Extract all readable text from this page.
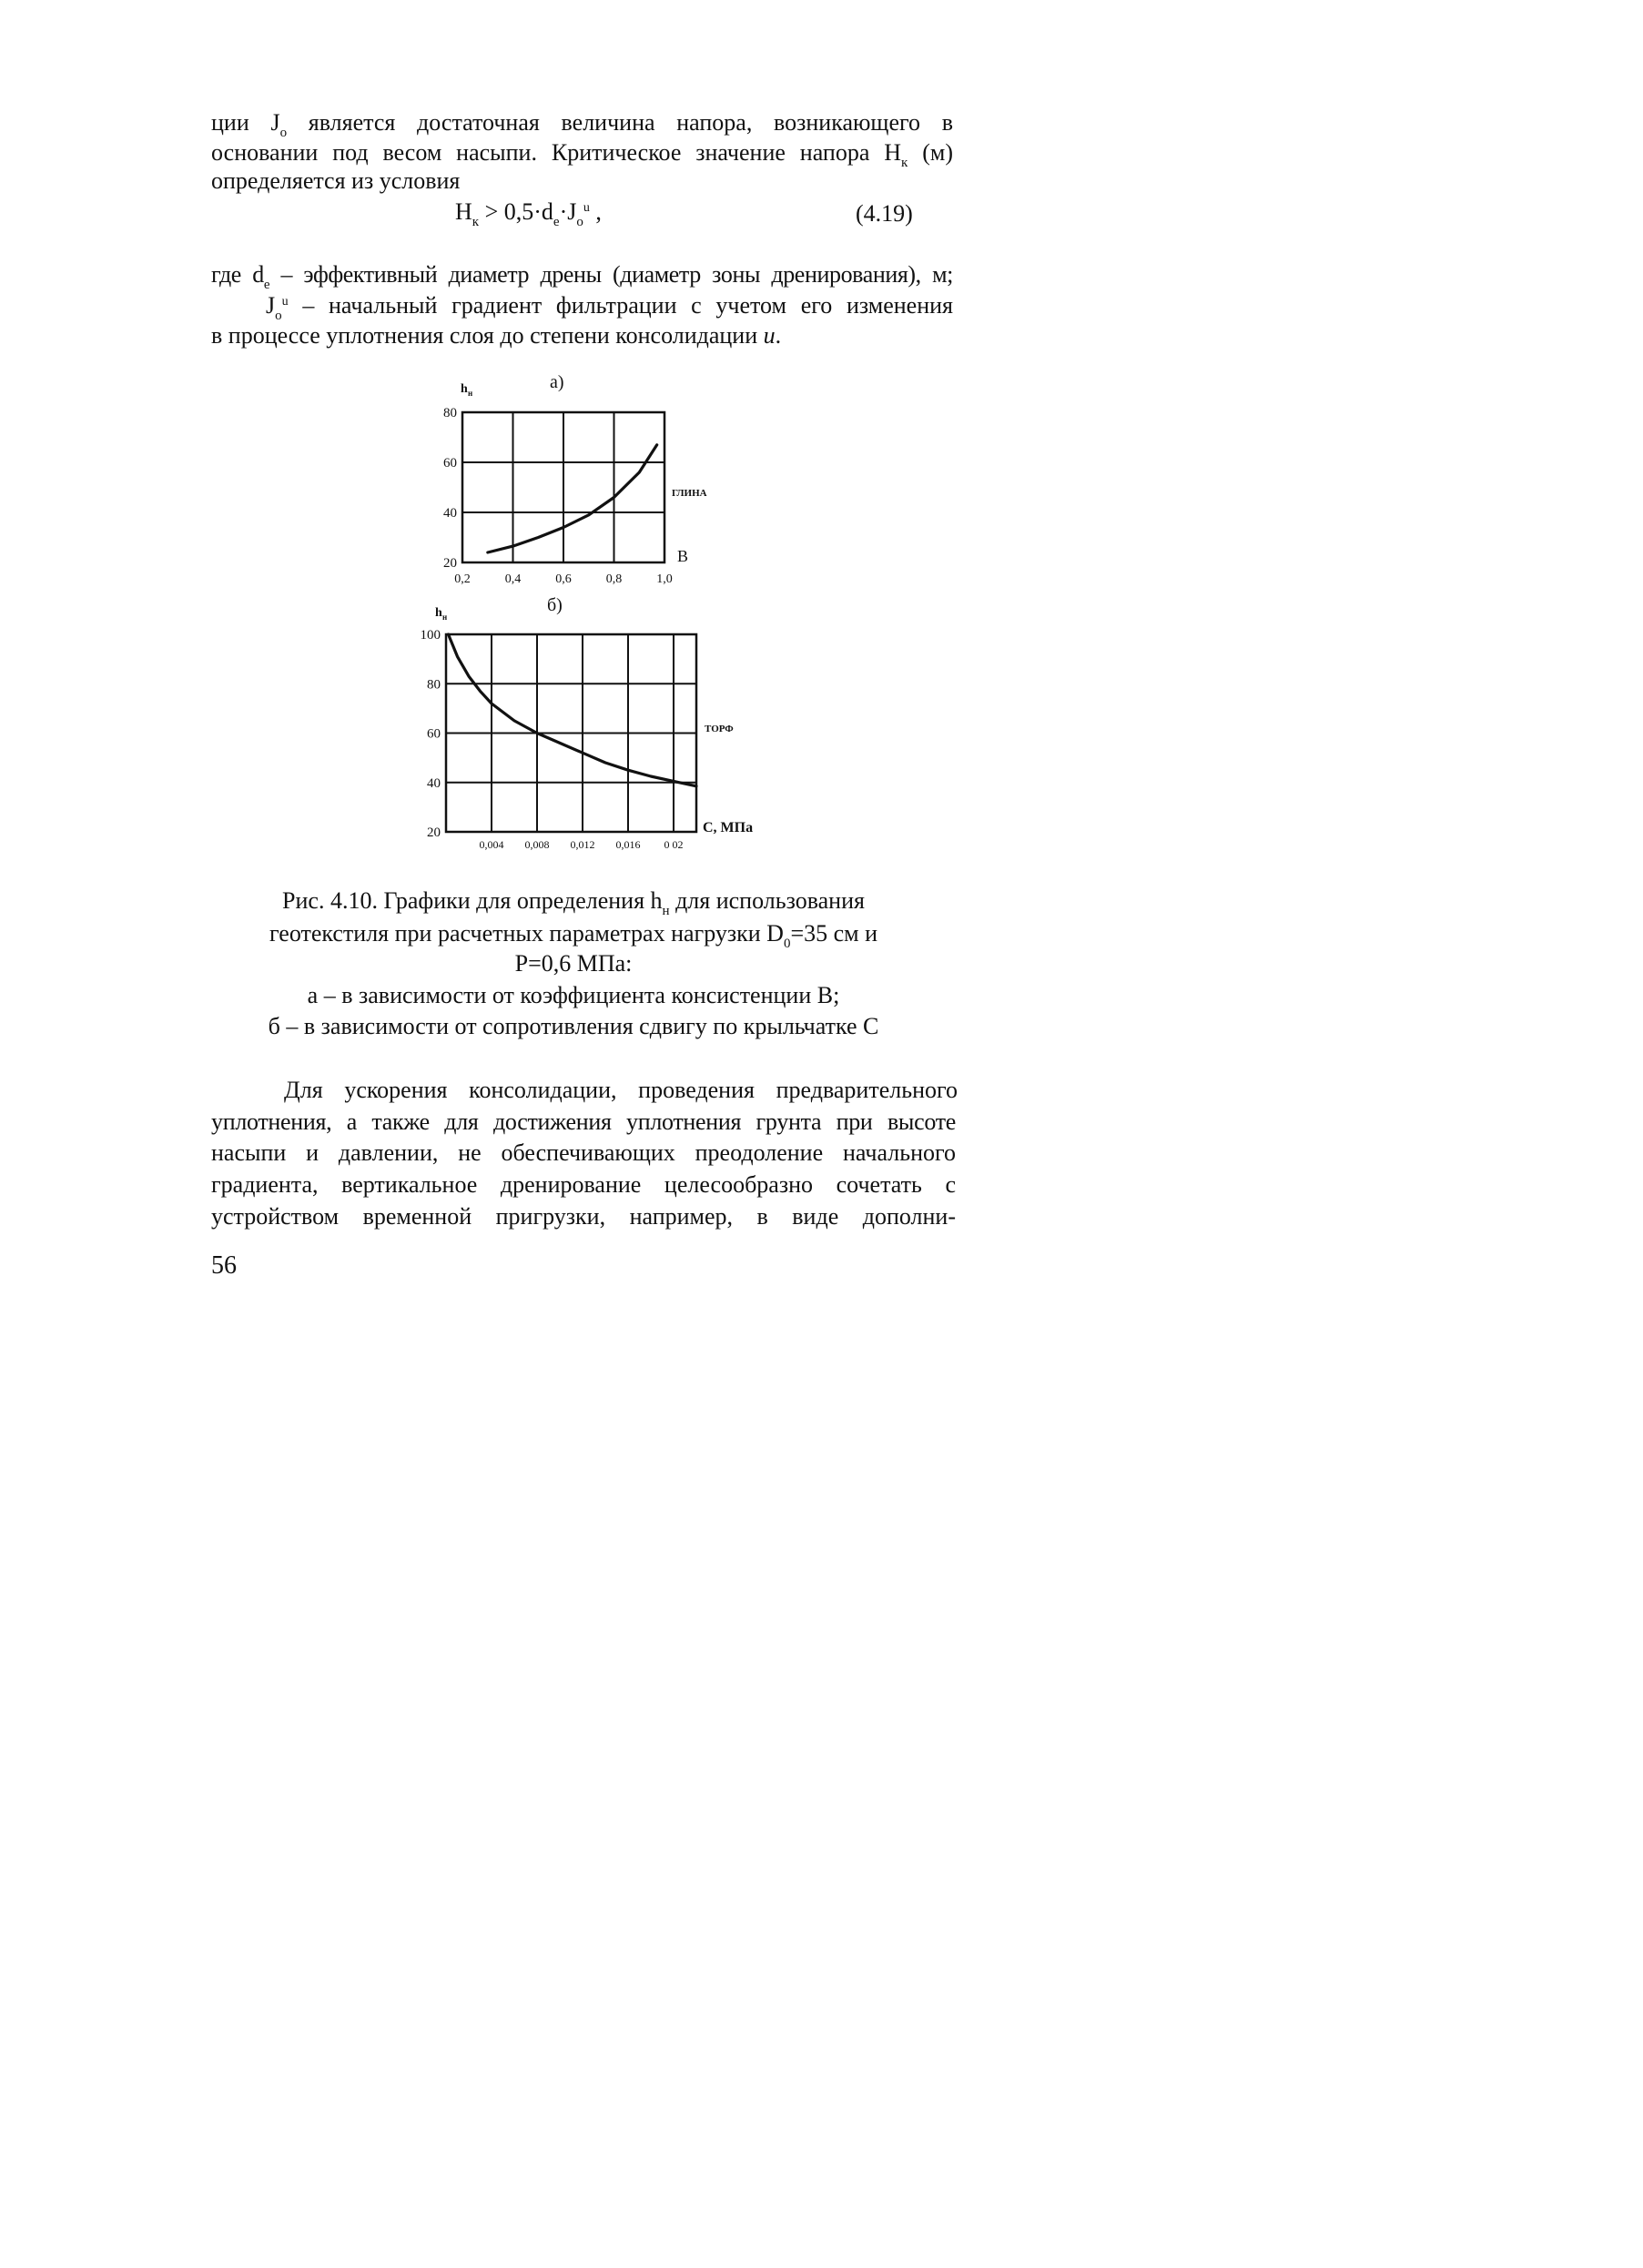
ции $J_о$ является достаточная величина напора, возникающего в
основании под весом насыпи. Критическое значение напора $H_к$ (м)
определяется из условия
$H_к > 0,5\cdot d_е\cdot J_о^u$ ,	(4.19)
где $d_е$ – эффективный диаметр дрены (диаметр зоны дренирования), м;
$J_о^u$ – начальный градиент фильтрации с учетом его изменения
в процессе уплотнения слоя до степени консолидации u.
20
40
60
80
0,2	0,4	0,6	0,8	1,0
а)
h н
ГЛИНА
B
20
40
60
80
100
0,004 0,008 0,012 0,016 0 02
б)
h н
ТОРФ
С, МПа
Рис. 4.10. Графики для определения $h_н$ для использования
геотекстиля при расчетных параметрах нагрузки $D_0=35$ см и
P=0,6 МПа:
а – в зависимости от коэффициента консистенции B;
б – в зависимости от сопротивления сдвигу по крыльчатке С
Для ускорения консолидации, проведения предварительного
уплотнения, а также для достижения уплотнения грунта при высоте
насыпи и давлении, не обеспечивающих преодоление начального
градиента, вертикальное дренирование целесообразно сочетать с
устройством временной пригрузки, например, в виде дополни-
56
